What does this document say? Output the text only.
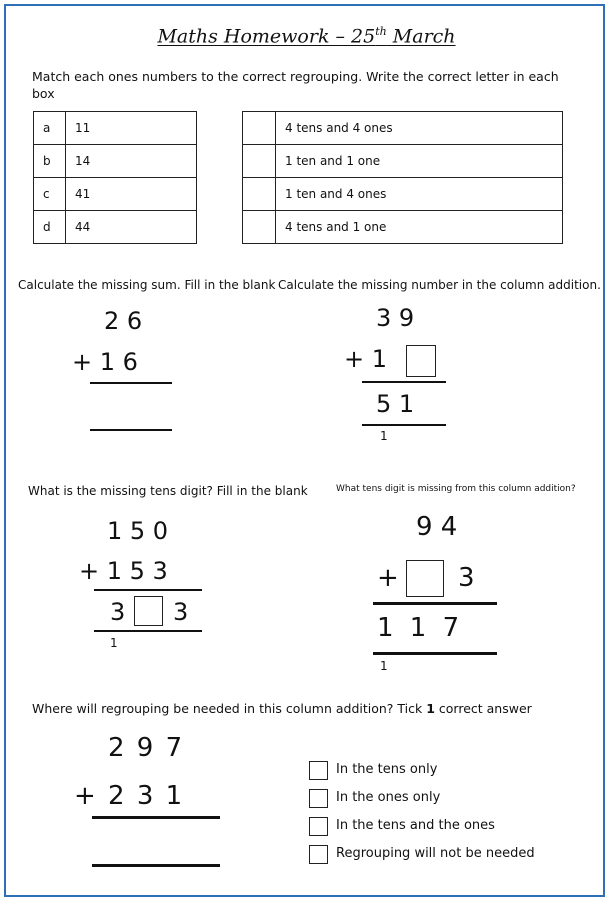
Maths Homework – 25th March
Match each ones numbers to the correct regrouping. Write the correct letter in each box
a	11
b	14
c	41
d	44
	4 tens and 4 ones
	1 ten and 1 one
	1 ten and 4 ones
	4 tens and 1 one
Calculate the missing sum. Fill in the blank
2 6
+ 1 6
Calculate the missing number in the column addition.
3 9
+ 1
5 1
1
What is the missing tens digit? Fill in the blank
1 5 0
+ 1 5 3
3 3
1
What tens digit is missing from this column addition?
9 4
+ 3
1 1 7
1
Where will regrouping be needed in this column addition? Tick 1 correct answer
2 9 7
+ 2 3 1
In the tens only
In the ones only
In the tens and the ones
Regrouping will not be needed
